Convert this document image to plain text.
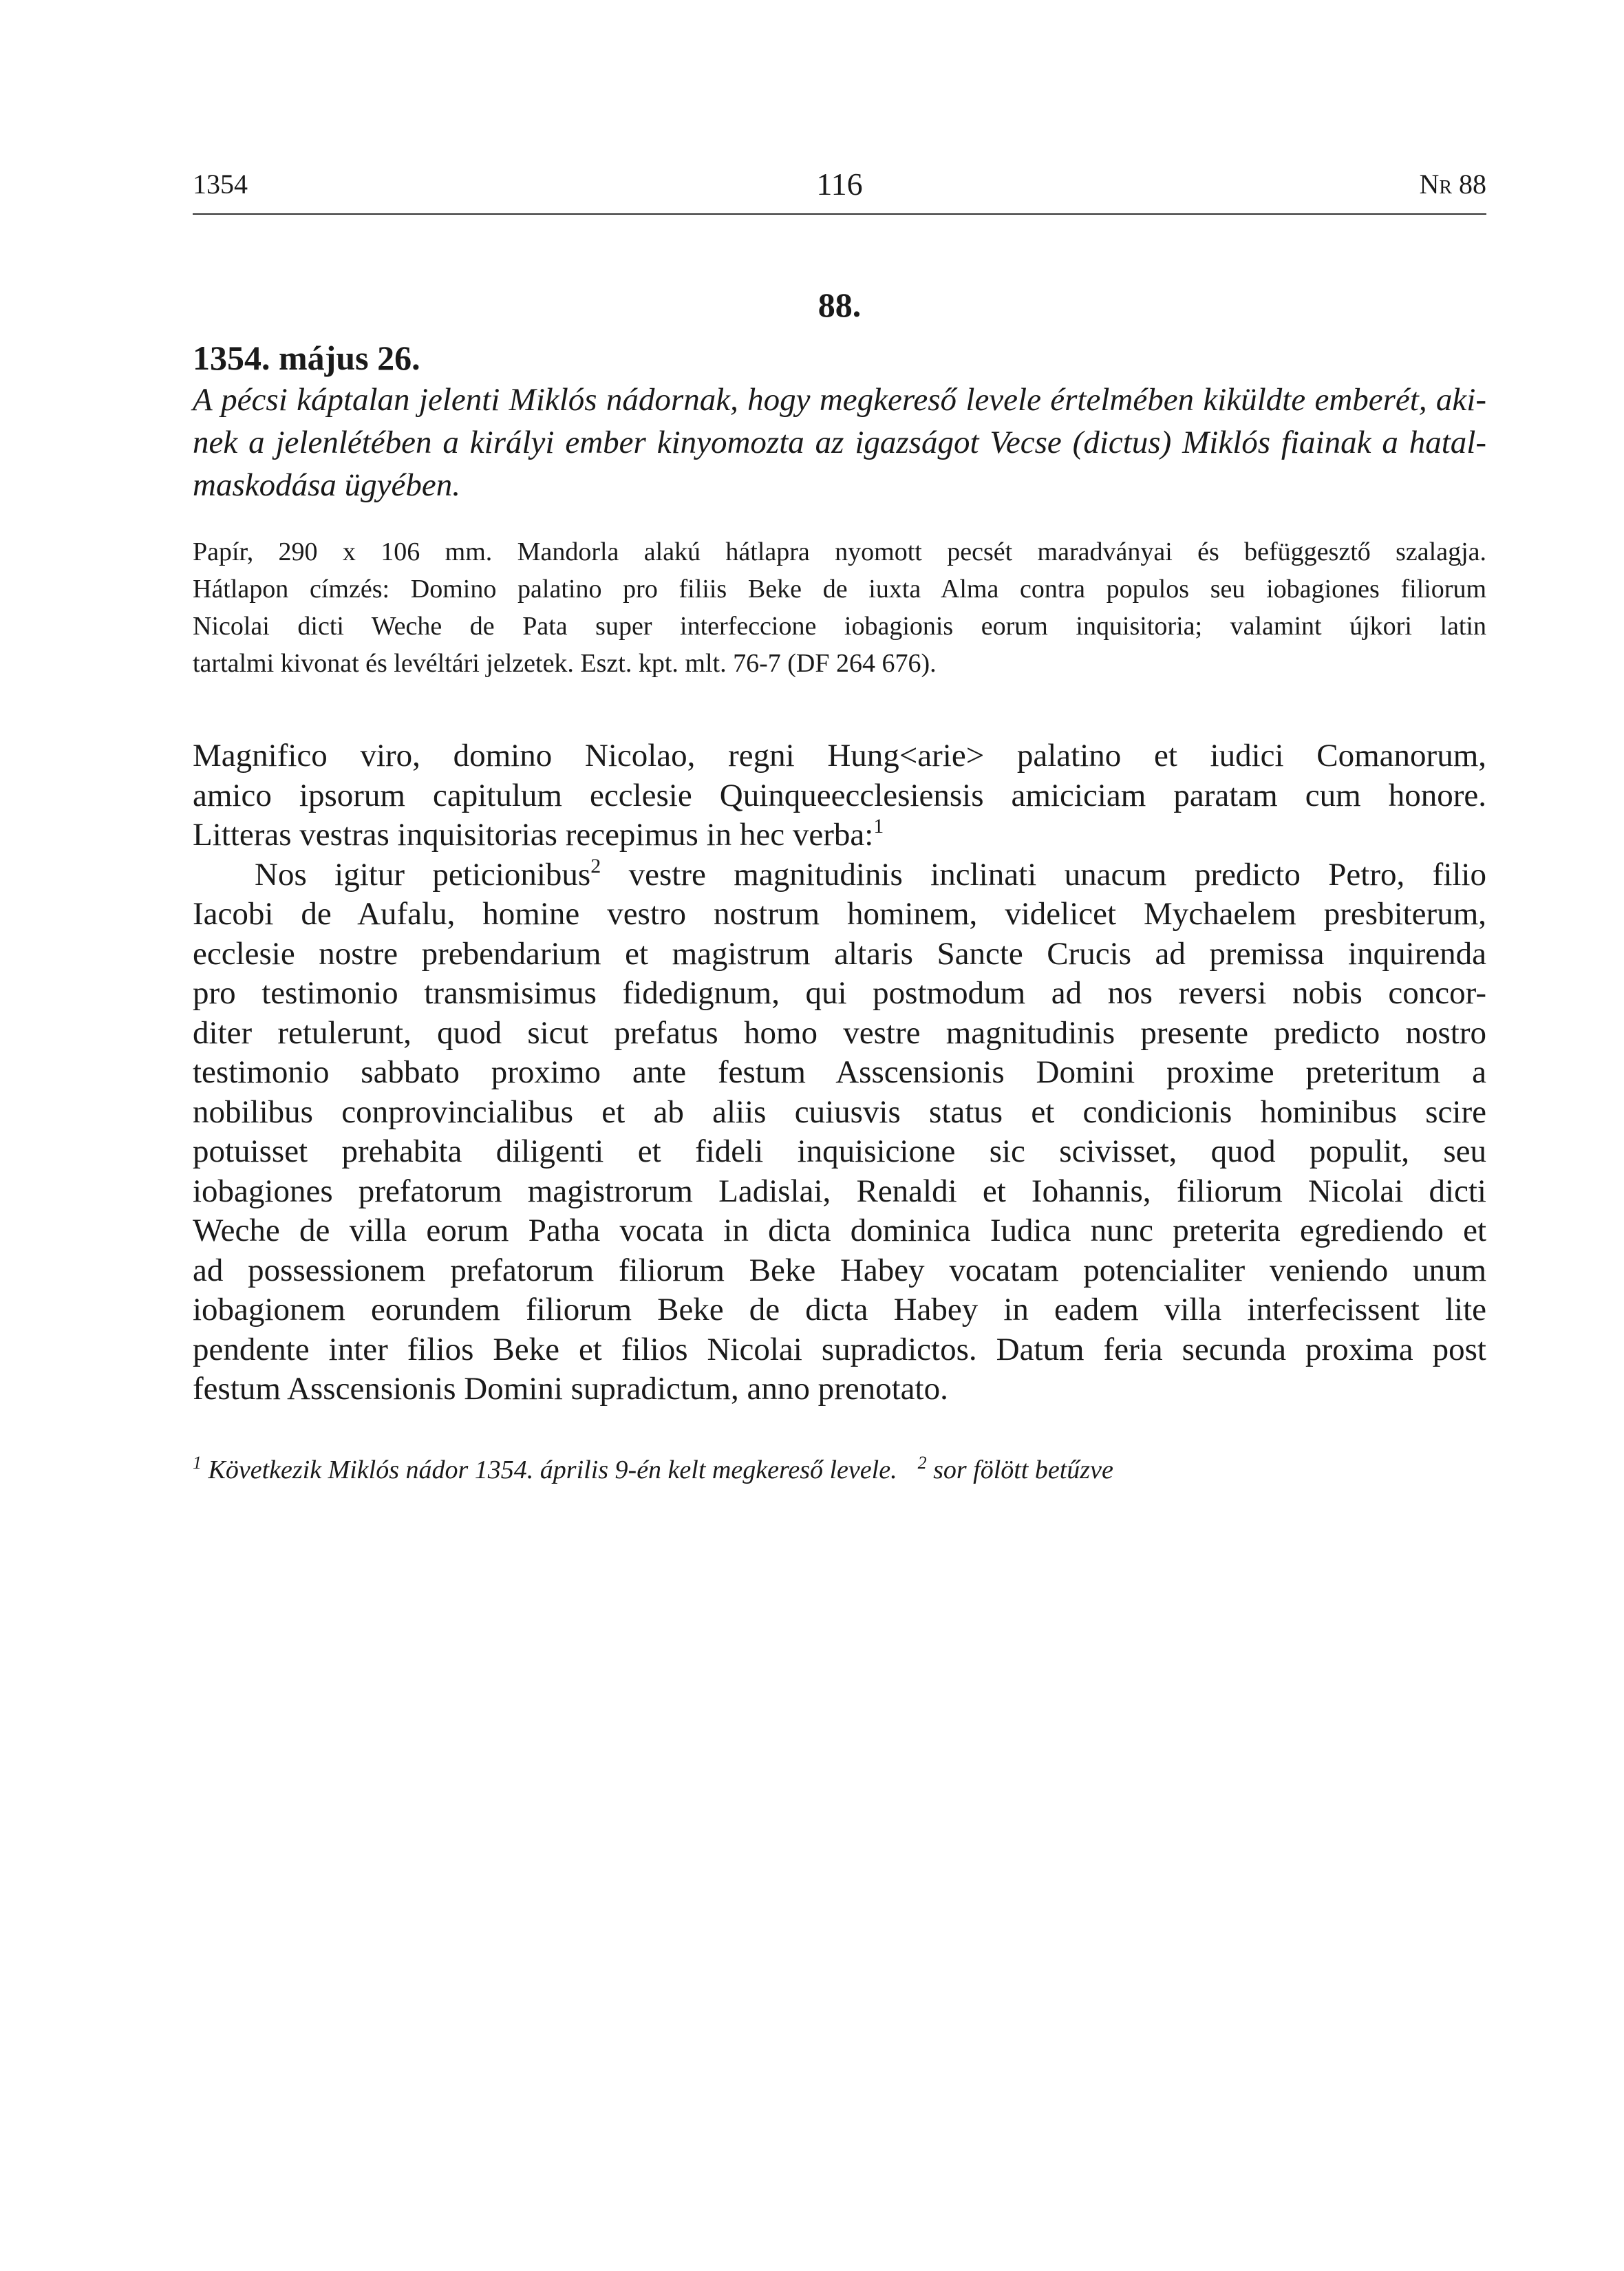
1354	116	Nr 88
88.
1354. május 26.
A pécsi káptalan jelenti Miklós nádornak, hogy megkereső levele értelmében kiküldte emberét, aki-
nek a jelenlétében a királyi ember kinyomozta az igazságot Vecse (dictus) Miklós fiainak a hatal-
maskodása ügyében.
Papír, 290 x 106 mm. Mandorla alakú hátlapra nyomott pecsét maradványai és befüggesztő szalagja.
Hátlapon címzés: Domino palatino pro filiis Beke de iuxta Alma contra populos seu iobagiones filiorum
Nicolai dicti Weche de Pata super interfeccione iobagionis eorum inquisitoria; valamint újkori latin
tartalmi kivonat és levéltári jelzetek. Eszt. kpt. mlt. 76-7 (DF 264 676).
Magnifico viro, domino Nicolao, regni Hung<arie> palatino et iudici Comanorum,
amico ipsorum capitulum ecclesie Quinqueecclesiensis amiciciam paratam cum honore.
Litteras vestras inquisitorias recepimus in hec verba:$^1$
Nos igitur peticionibus$^2$ vestre magnitudinis inclinati unacum predicto Petro, filio
Iacobi de Aufalu, homine vestro nostrum hominem, videlicet Mychaelem presbiterum,
ecclesie nostre prebendarium et magistrum altaris Sancte Crucis ad premissa inquirenda
pro testimonio transmisimus fidedignum, qui postmodum ad nos reversi nobis concor-
diter retulerunt, quod sicut prefatus homo vestre magnitudinis presente predicto nostro
testimonio sabbato proximo ante festum Asscensionis Domini proxime preteritum a
nobilibus conprovincialibus et ab aliis cuiusvis status et condicionis hominibus scire
potuisset prehabita diligenti et fideli inquisicione sic scivisset, quod populit, seu
iobagiones prefatorum magistrorum Ladislai, Renaldi et Iohannis, filiorum Nicolai dicti
Weche de villa eorum Patha vocata in dicta dominica Iudica nunc preterita egrediendo et
ad possessionem prefatorum filiorum Beke Habey vocatam potencialiter veniendo unum
iobagionem eorundem filiorum Beke de dicta Habey in eadem villa interfecissent lite
pendente inter filios Beke et filios Nicolai supradictos. Datum feria secunda proxima post
festum Asscensionis Domini supradictum, anno prenotato.
$^1$ Következik Miklós nádor 1354. április 9-én kelt megkereső levele. $^2$ sor fölött betűzve
